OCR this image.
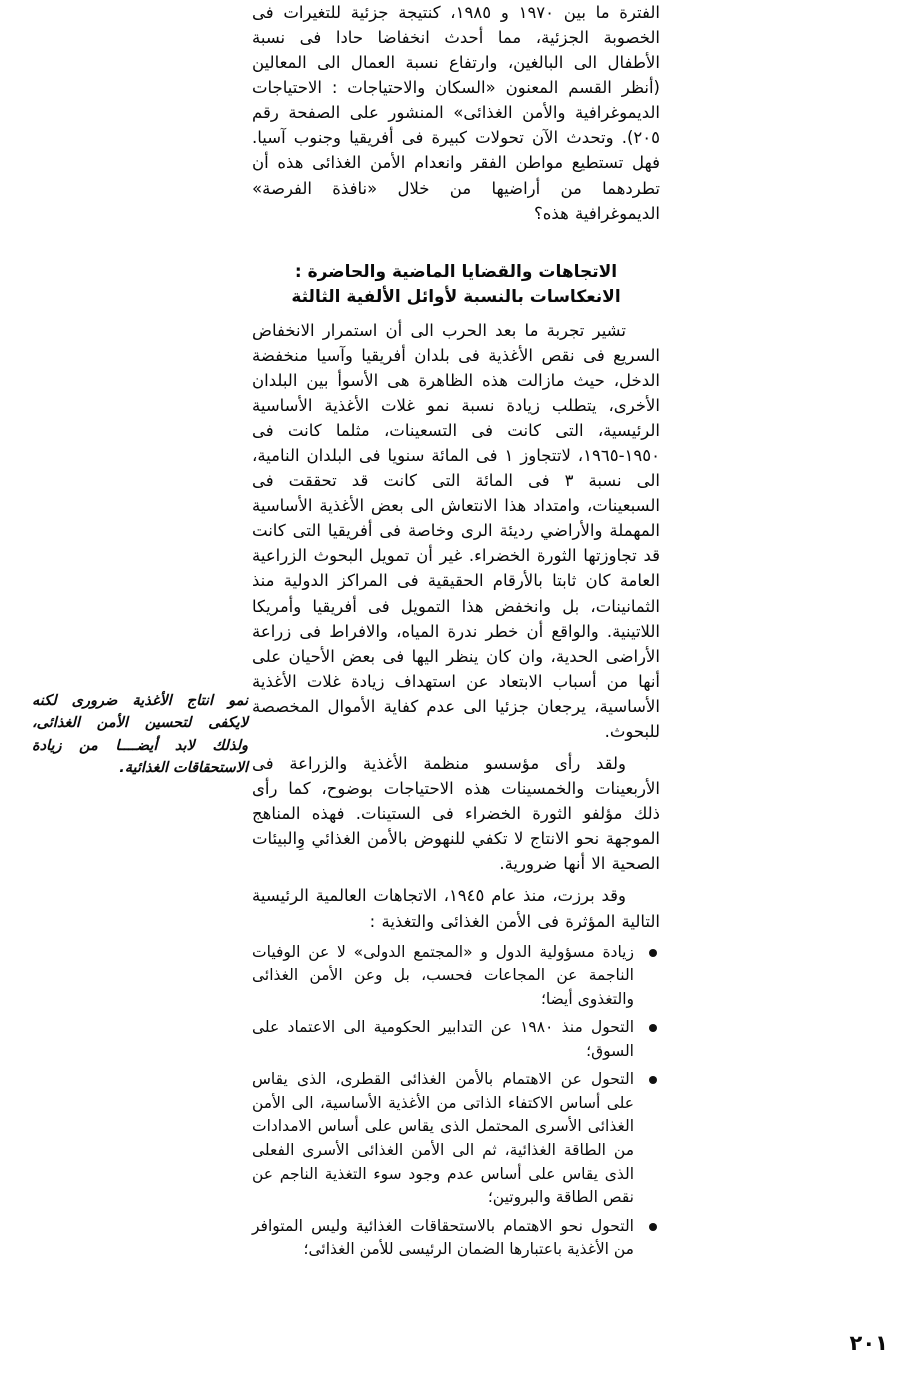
الفترة ما بين ١٩٧٠ و ١٩٨٥، كنتيجة جزئية للتغيرات فى الخصوبة الجزئية، مما أحدث انخفاضا حادا فى نسبة الأطفال الى البالغين، وارتفاع نسبة العمال الى المعالين (أنظر القسم المعنون «السكان والاحتياجات : الاحتياجات الديموغرافية والأمن الغذائى» المنشور على الصفحة رقم ٢٠٥). وتحدث الآن تحولات كبيرة فى أفريقيا وجنوب آسيا. فهل تستطيع مواطن الفقر وانعدام الأمن الغذائى هذه أن تطردهما من أراضيها من خلال «نافذة الفرصة» الديموغرافية هذه؟

الاتجاهات والقضايا الماضية والحاضرة :
الانعكاسات بالنسبة لأوائل الألفية الثالثة

تشير تجربة ما بعد الحرب الى أن استمرار الانخفاض السريع فى نقص الأغذية فى بلدان أفريقيا وآسيا منخفضة الدخل، حيث مازالت هذه الظاهرة هى الأسوأ بين البلدان الأخرى، يتطلب زيادة نسبة نمو غلات الأغذية الأساسية الرئيسية، التى كانت فى التسعينات، مثلما كانت فى ١٩٥٠-١٩٦٥، لاتتجاوز ١ فى المائة سنويا فى البلدان النامية، الى نسبة ٣ فى المائة التى كانت قد تحققت فى السبعينات، وامتداد هذا الانتعاش الى بعض الأغذية الأساسية المهملة والأراضي رديئة الرى وخاصة فى أفريقيا التى كانت قد تجاوزتها الثورة الخضراء. غير أن تمويل البحوث الزراعية العامة كان ثابتا بالأرقام الحقيقية فى المراكز الدولية منذ الثمانينات، بل وانخفض هذا التمويل فى أفريقيا وأمريكا اللاتينية. والواقع أن خطر ندرة المياه، والافراط فى زراعة الأراضى الحدية، وان كان ينظر اليها فى بعض الأحيان على أنها من أسباب الابتعاد عن استهداف زيادة غلات الأغذية الأساسية، يرجعان جزئيا الى عدم كفاية الأموال المخصصة للبحوث.

ولقد رأى مؤسسو منظمة الأغذية والزراعة فى الأربعينات والخمسينات هذه الاحتياجات بوضوح، كما رأى ذلك مؤلفو الثورة الخضراء فى الستينات. فهذه المناهج الموجهة نحو الانتاج لا تكفي للنهوض بالأمن الغذائي وِالبيئات الصحية الا أنها ضرورية.

وقد برزت، منذ عام ١٩٤٥، الاتجاهات العالمية الرئيسية التالية المؤثرة فى الأمن الغذائى والتغذية :

زيادة مسؤولية الدول و «المجتمع الدولى» لا عن الوفيات الناجمة عن المجاعات فحسب، بل وعن الأمن الغذائى والتغذوى أيضا؛
التحول منذ ١٩٨٠ عن التدابير الحكومية الى الاعتماد على السوق؛
التحول عن الاهتمام بالأمن الغذائى القطرى، الذى يقاس على أساس الاكتفاء الذاتى من الأغذية الأساسية، الى الأمن الغذائى الأسرى المحتمل الذى يقاس على أساس الامدادات من الطاقة الغذائية، ثم الى الأمن الغذائى الأسرى الفعلى الذى يقاس على أساس عدم وجود سوء التغذية الناجم عن نقص الطاقة والبروتين؛
التحول نحو الاهتمام بالاستحقاقات الغذائية وليس المتوافر من الأغذية باعتبارها الضمان الرئيسى للأمن الغذائى؛
نمو انتاج الأغذية ضرورى لكنه لايكفى لتحسين الأمن الغذائى، ولذلك لابد أيضــــا من زيادة الاستحقاقات الغذائية.
٢٠١
